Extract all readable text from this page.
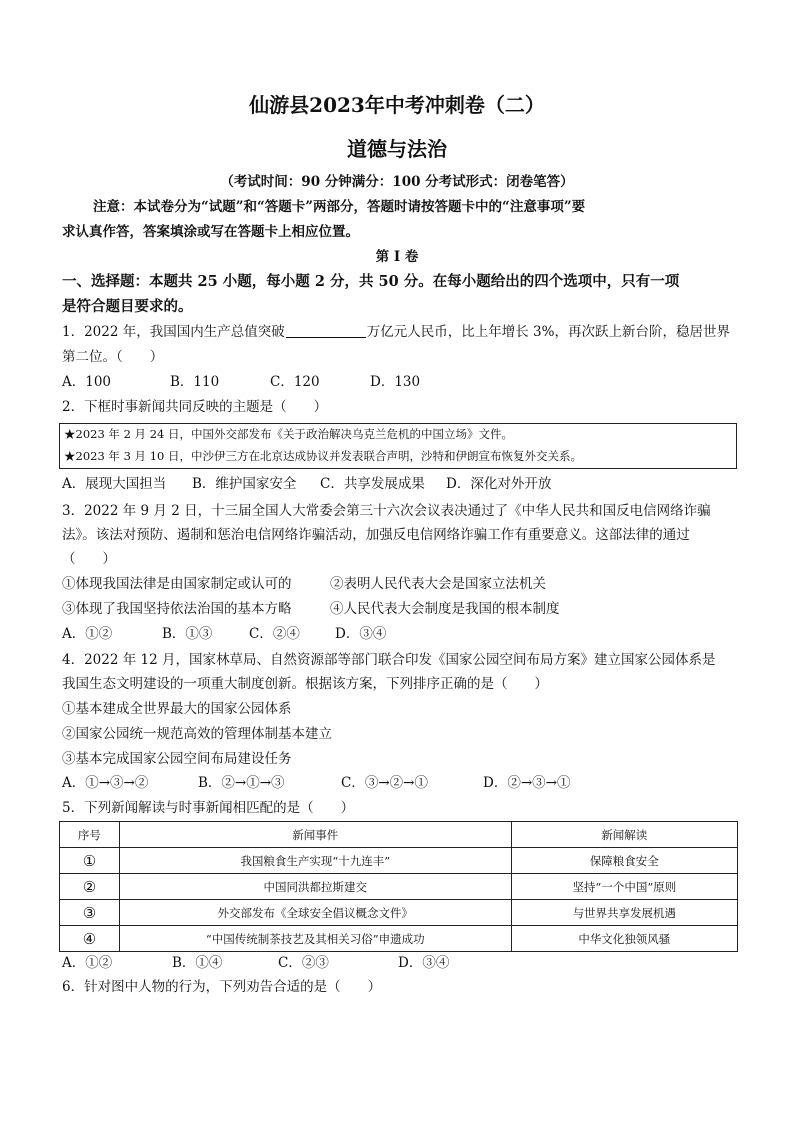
仙游县2023年中考冲刺卷（二）
道德与法治
（考试时间：90 分钟满分：100 分考试形式：闭卷笔答）
注意：本试卷分为“试题”和“答题卡”两部分，答题时请按答题卡中的“注意事项”要
求认真作答，答案填涂或写在答题卡上相应位置。
第 I 卷
一、选择题：本题共 25 小题，每小题 2 分，共 50 分。在每小题给出的四个选项中，只有一项
是符合题目要求的。
1．2022 年，我国国内生产总值突破	万亿元人民币，比上年增长 3%，再次跃上新台阶，稳居世界
第二位。（　　）
A．100	B．110	C．120	D．130
2．下框时事新闻共同反映的主题是（　　）
★2023 年 2 月 24 日，中国外交部发布《关于政治解决乌克兰危机的中国立场》文件。
★2023 年 3 月 10 日，中沙伊三方在北京达成协议并发表联合声明，沙特和伊朗宣布恢复外交关系。
A．展现大国担当 B．维护国家安全 C．共享发展成果 D．深化对外开放
3．2022 年 9 月 2 日，十三届全国人大常委会第三十六次会议表决通过了《中华人民共和国反电信网络诈骗
法》。该法对预防、遏制和惩治电信网络诈骗活动，加强反电信网络诈骗工作有重要意义。这部法律的通过
（　　）
①体现我国法律是由国家制定或认可的	②表明人民代表大会是国家立法机关
③体现了我国坚持依法治国的基本方略	④人民代表大会制度是我国的根本制度
A．①②	B．①③	C．②④	D．③④
4．2022 年 12 月，国家林草局、自然资源部等部门联合印发《国家公园空间布局方案》建立国家公园体系是
我国生态文明建设的一项重大制度创新。根据该方案，下列排序正确的是（　　）
①基本建成全世界最大的国家公园体系
②国家公园统一规范高效的管理体制基本建立
③基本完成国家公园空间布局建设任务
A．①→③→②	B．②→①→③	C．③→②→①	D．②→③→①
5．下列新闻解读与时事新闻相匹配的是（　　）
序号	新闻事件	新闻解读
①	我国粮食生产实现“十九连丰”	保障粮食安全
②	中国同洪都拉斯建交	坚持“一个中国”原则
③	外交部发布《全球安全倡议概念文件》	与世界共享发展机遇
④	“中国传统制茶技艺及其相关习俗”申遗成功	中华文化独领风骚
A．①②	B．①④	C．②③	D．③④
6．针对图中人物的行为，下列劝告合适的是（　　）
